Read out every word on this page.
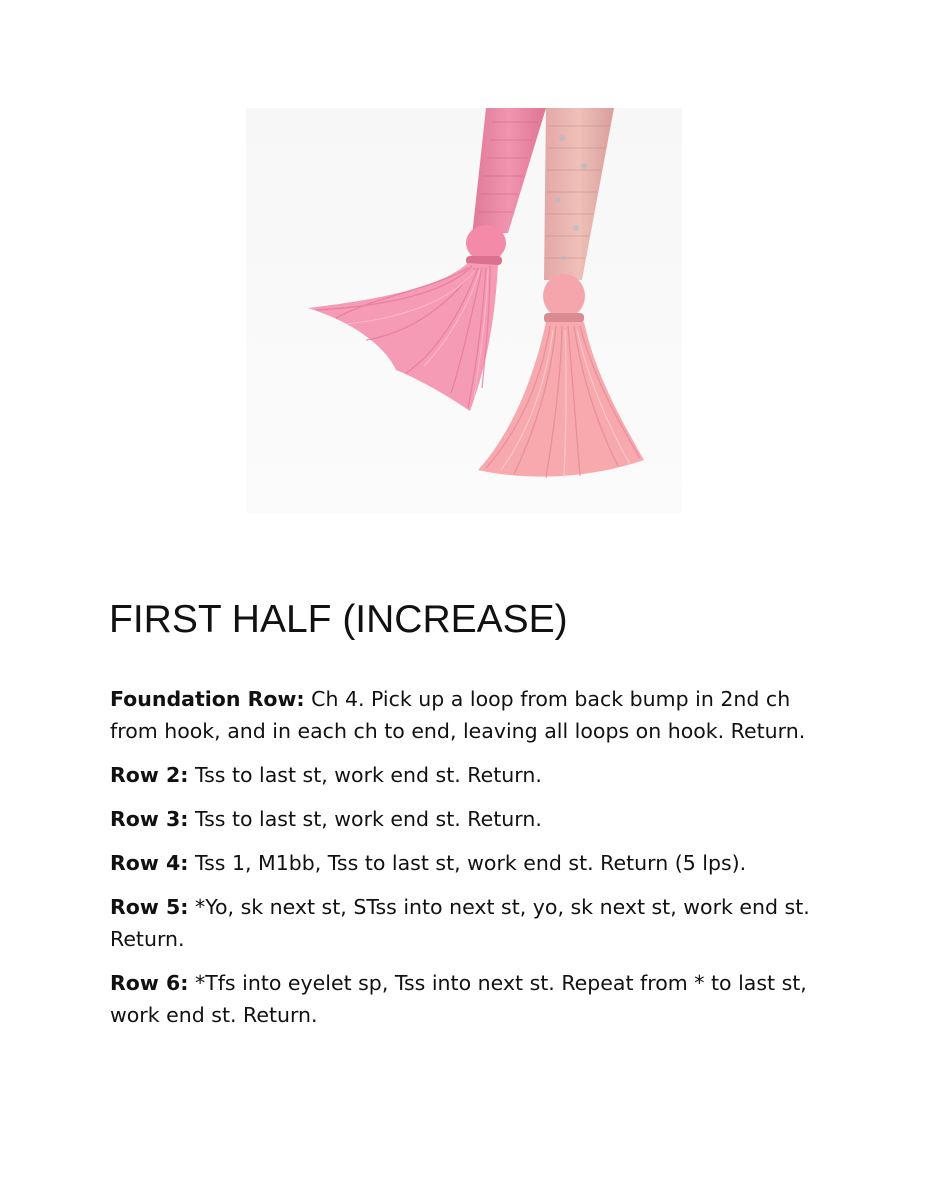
FIRST HALF (INCREASE)

Foundation Row: Ch 4. Pick up a loop from back bump in 2nd ch from hook, and in each ch to end, leaving all loops on hook. Return.

Row 2: Tss to last st, work end st. Return.

Row 3: Tss to last st, work end st. Return.

Row 4: Tss 1, M1bb, Tss to last st, work end st. Return (5 lps).

Row 5: *Yo, sk next st, STss into next st, yo, sk next st, work end st. Return.

Row 6: *Tfs into eyelet sp, Tss into next st. Repeat from * to last st, work end st. Return.
